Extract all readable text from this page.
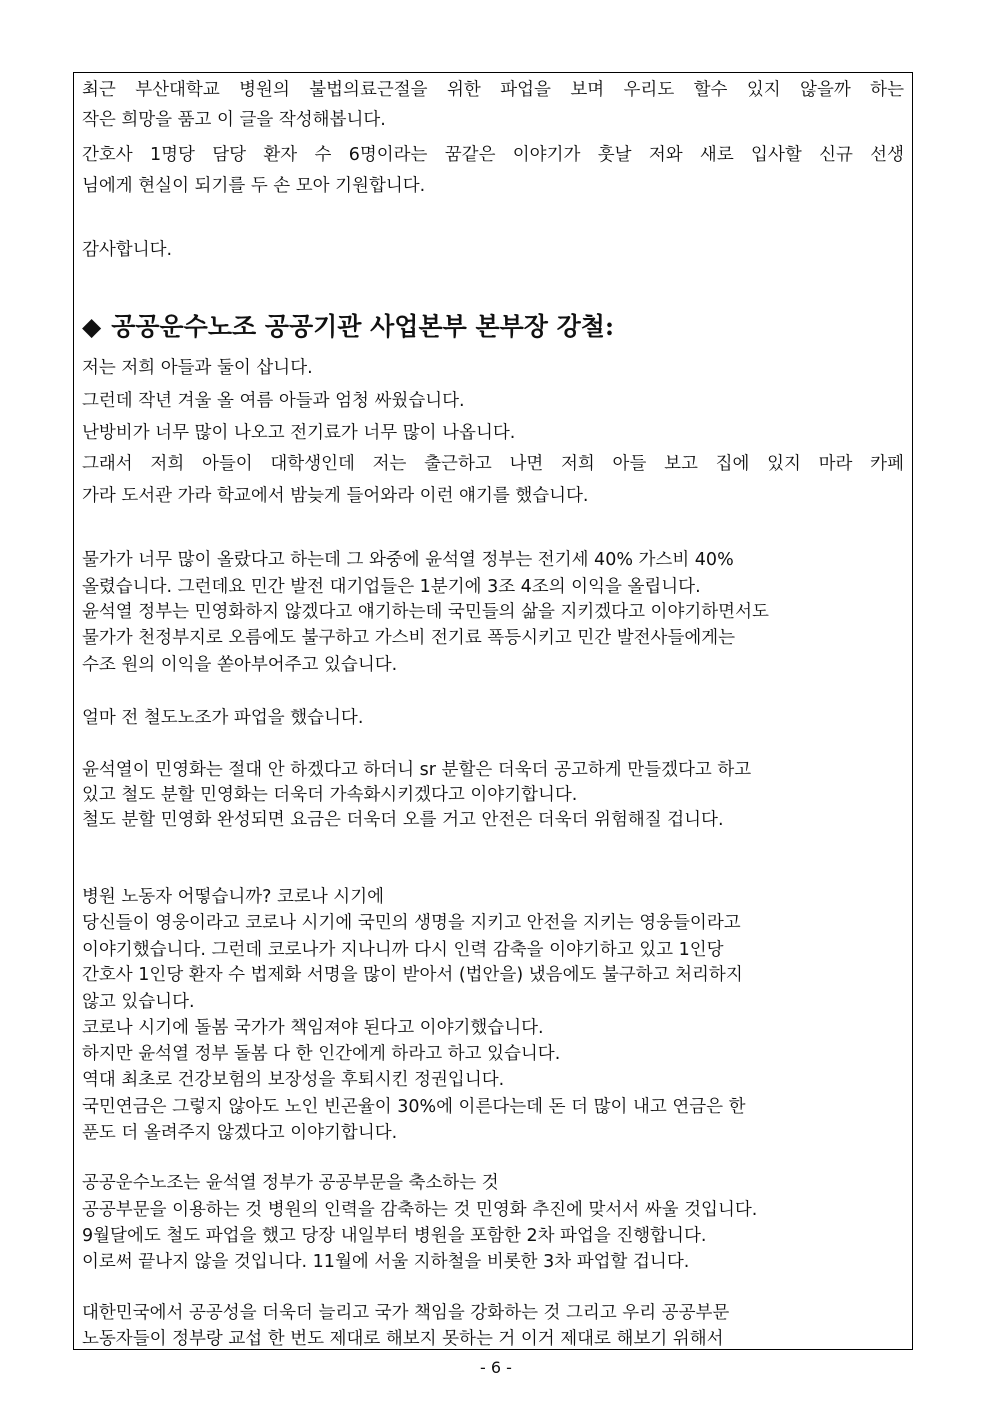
최근 부산대학교 병원의 불법의료근절을 위한 파업을 보며 우리도 할수 있지 않을까 하는

작은 희망을 품고 이 글을 작성해봅니다.

간호사 1명당 담당 환자 수 6명이라는 꿈같은 이야기가 훗날 저와 새로 입사할 신규 선생

님에게 현실이 되기를 두 손 모아 기원합니다.

감사합니다.

◆ 공공운수노조 공공기관 사업본부 본부장 강철:

저는 저희 아들과 둘이 삽니다.

그런데 작년 겨울 올 여름 아들과 엄청 싸웠습니다.

난방비가 너무 많이 나오고 전기료가 너무 많이 나옵니다.

그래서 저희 아들이 대학생인데 저는 출근하고 나면 저희 아들 보고 집에 있지 마라 카페

가라 도서관 가라 학교에서 밤늦게 들어와라 이런 얘기를 했습니다.

물가가 너무 많이 올랐다고 하는데 그 와중에 윤석열 정부는 전기세 40% 가스비 40%

올렸습니다. 그런데요 민간 발전 대기업들은 1분기에 3조 4조의 이익을 올립니다.

윤석열 정부는 민영화하지 않겠다고 얘기하는데 국민들의 삶을 지키겠다고 이야기하면서도

물가가 천정부지로 오름에도 불구하고 가스비 전기료 폭등시키고 민간 발전사들에게는

수조 원의 이익을 쏟아부어주고 있습니다.

얼마 전 철도노조가 파업을 했습니다.

윤석열이 민영화는 절대 안 하겠다고 하더니 sr 분할은 더욱더 공고하게 만들겠다고 하고

있고 철도 분할 민영화는 더욱더 가속화시키겠다고 이야기합니다.

철도 분할 민영화 완성되면 요금은 더욱더 오를 거고 안전은 더욱더 위험해질 겁니다.

병원 노동자 어떻습니까? 코로나 시기에

당신들이 영웅이라고 코로나 시기에 국민의 생명을 지키고 안전을 지키는 영웅들이라고

이야기했습니다. 그런데 코로나가 지나니까 다시 인력 감축을 이야기하고 있고 1인당

간호사 1인당 환자 수 법제화 서명을 많이 받아서 (법안을) 냈음에도 불구하고 처리하지

않고 있습니다.

코로나 시기에 돌봄 국가가 책임져야 된다고 이야기했습니다.

하지만 윤석열 정부 돌봄 다 한 인간에게 하라고 하고 있습니다.

역대 최초로 건강보험의 보장성을 후퇴시킨 정권입니다.

국민연금은 그렇지 않아도 노인 빈곤율이 30%에 이른다는데 돈 더 많이 내고 연금은 한

푼도 더 올려주지 않겠다고 이야기합니다.

공공운수노조는 윤석열 정부가 공공부문을 축소하는 것

공공부문을 이용하는 것 병원의 인력을 감축하는 것 민영화 추진에 맞서서 싸울 것입니다.

9월달에도 철도 파업을 했고 당장 내일부터 병원을 포함한 2차 파업을 진행합니다.

이로써 끝나지 않을 것입니다. 11월에 서울 지하철을 비롯한 3차 파업할 겁니다.

대한민국에서 공공성을 더욱더 늘리고 국가 책임을 강화하는 것 그리고 우리 공공부문

노동자들이 정부랑 교섭 한 번도 제대로 해보지 못하는 거 이거 제대로 해보기 위해서

- 6 -
